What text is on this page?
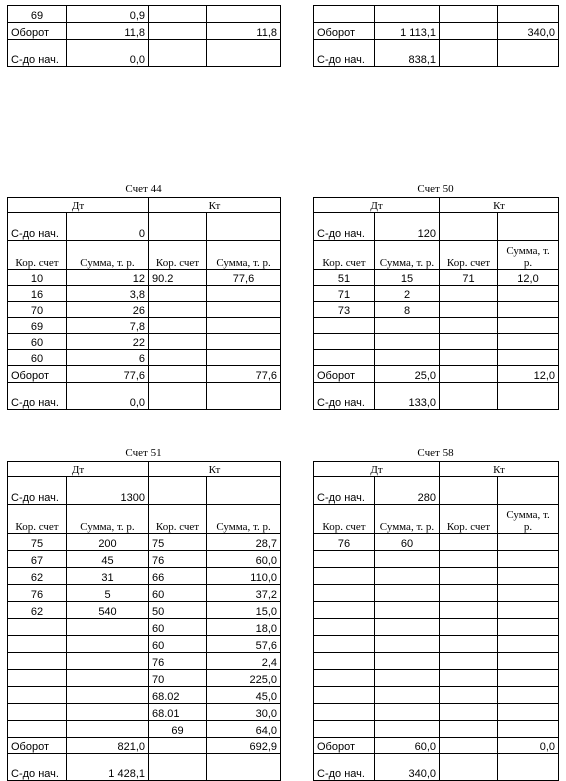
69	0,9		
Оборот	11,8		11,8
С-до нач.	0,0		

Оборот	1 113,1		340,0
С-до нач.	838,1		
Счет 44
Дт		Кт	
С-до нач.	0		
Кор. счет	Сумма, т. р.	Кор. счет	Сумма, т. р.
10	12	90.2	77,6
16	3,8		
70	26		
69	7,8		
60	22		
60	6		
Оборот	77,6		77,6
С-до нач.	0,0		
Счет 50
Дт		Кт	
С-до нач.	120		
Кор. счет	Сумма, т. р.	Кор. счет	Сумма, т. р.
51	15	71	12,0
71	2		
73	8		

Оборот	25,0		12,0
С-до нач.	133,0		
Счет 51
Дт		Кт	
С-до нач.	1300		
Кор. счет	Сумма, т. р.	Кор. счет	Сумма, т. р.
75	200	75	28,7
67	45	76	60,0
62	31	66	110,0
76	5	60	37,2
62	540	50	15,0
		60	18,0
		60	57,6
		76	2,4
		70	225,0
		68.02	45,0
		68.01	30,0
		69	64,0
Оборот	821,0		692,9
С-до нач.	1 428,1		
Счет 58
Дт		Кт	
С-до нач.	280		
Кор. счет	Сумма, т. р.	Кор. счет	Сумма, т. р.
76	60		

Оборот	60,0		0,0
С-до нач.	340,0		
